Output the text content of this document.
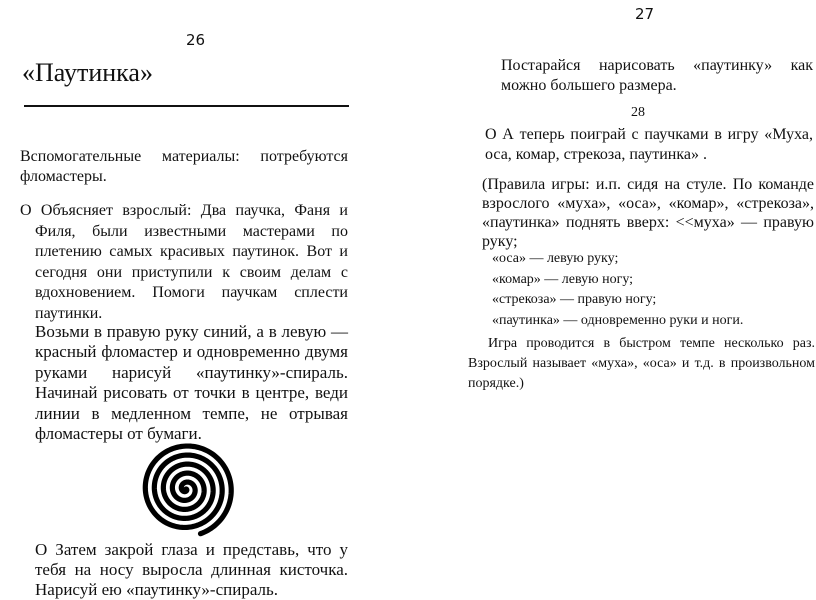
26
«Паутинка»

Вспомогательные материалы: потребуются фломастеры.

О Объясняет взрослый: Два паучка, Фаня и Филя, были известными мастерами по плетению самых красивых паутинок. Вот и сегодня они приступили к своим делам с вдохновением. Помоги паучкам сплести паутинки.

Возьми в правую руку синий, а в левую — красный фломастер и одновременно двумя руками нарисуй «паутинку»-спираль. Начинай рисовать от точки в центре, веди линии в медленном темпе, не отрывая фломастеры от бумаги.

О Затем закрой глаза и представь, что у тебя на носу выросла длинная кисточка. Нарисуй ею «паутинку»-спираль.

27

Постарайся нарисовать «паутинку» как можно большего размера.

28

О А теперь поиграй с паучками в игру «Муха, оса, комар, стрекоза, паутинка» .

(Правила игры: и.п. сидя на стуле. По команде взрослого «муха», «оса», «комар», «стрекоза», «паутинка» поднять вверх: <<муха» — правую руку;

«оса» — левую руку;
«комар» — левую ногу;
«стрекоза» — правую ногу;
«паутинка» — одновременно руки и ноги.

Игра проводится в быстром темпе несколько раз. Взрослый называет «муха», «оса» и т.д. в произвольном порядке.)
